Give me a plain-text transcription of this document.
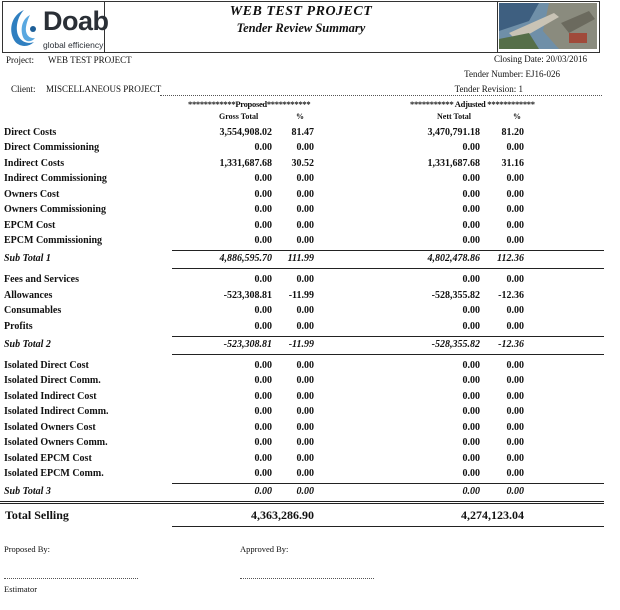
Doab
global efficiency
WEB TEST PROJECT
Tender Review Summary
Project: WEB TEST PROJECT
Client: MISCELLANEOUS PROJECT
Closing Date: 20/03/2016
Tender Number: EJ16-026
Tender Revision: 1
************Proposed***********	*********** Adjusted ************
Gross Total	%	Nett Total	%
Direct Costs	3,554,908.02 81.47	3,470,791.18 81.20
Direct Commissioning	0.00 0.00	0.00	0.00
Indirect Costs	1,331,687.68 30.52	1,331,687.68 31.16
Indirect Commissioning	0.00 0.00	0.00	0.00
Owners Cost	0.00 0.00	0.00	0.00
Owners Commissioning	0.00 0.00	0.00	0.00
EPCM Cost	0.00 0.00	0.00	0.00
EPCM Commissioning	0.00 0.00	0.00	0.00
Sub Total 1	4,886,595.70 111.99	4,802,478.86 112.36
Fees and Services	0.00 0.00	0.00	0.00
Allowances	-523,308.81 -11.99	-528,355.82 -12.36
Consumables	0.00 0.00	0.00	0.00
Profits	0.00 0.00	0.00	0.00
Sub Total 2	-523,308.81 -11.99	-528,355.82 -12.36
Isolated Direct Cost	0.00 0.00	0.00	0.00
Isolated Direct Comm.	0.00 0.00	0.00	0.00
Isolated Indirect Cost	0.00 0.00	0.00	0.00
Isolated Indirect Comm.	0.00 0.00	0.00	0.00
Isolated Owners Cost	0.00 0.00	0.00	0.00
Isolated Owners Comm.	0.00 0.00	0.00	0.00
Isolated EPCM Cost	0.00 0.00	0.00	0.00
Isolated EPCM Comm.	0.00 0.00	0.00	0.00
Sub Total 3	0.00 0.00	0.00	0.00
Total Selling	4,363,286.90	4,274,123.04
Proposed By:	Approved By:
Estimator
